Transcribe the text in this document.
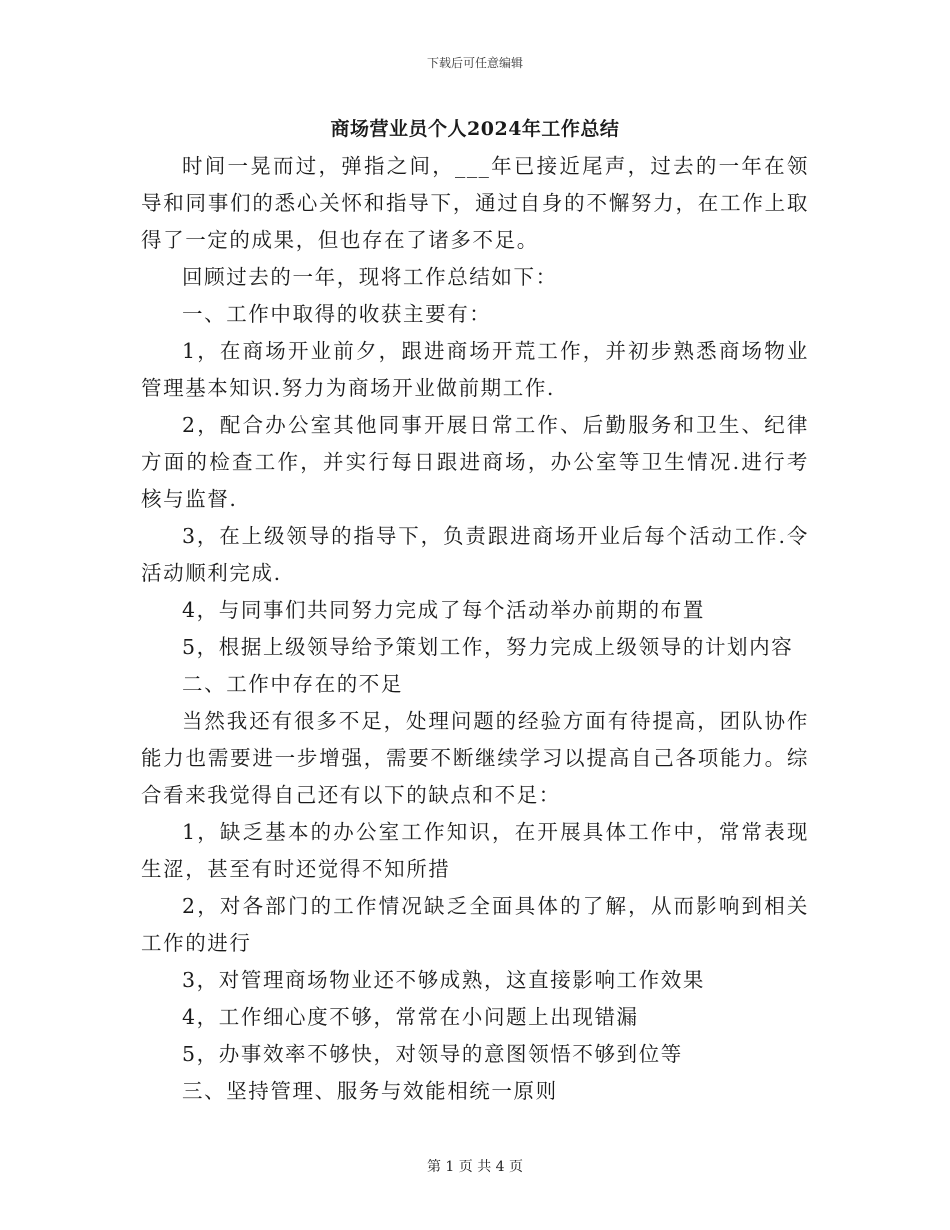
下载后可任意编辑
商场营业员个人2024年工作总结

时间一晃而过，弹指之间，___年已接近尾声，过去的一年在领导和同事们的悉心关怀和指导下，通过自身的不懈努力，在工作上取得了一定的成果，但也存在了诸多不足。

回顾过去的一年，现将工作总结如下：

一、工作中取得的收获主要有：

1，在商场开业前夕，跟进商场开荒工作，并初步熟悉商场物业管理基本知识.努力为商场开业做前期工作.

2，配合办公室其他同事开展日常工作、后勤服务和卫生、纪律方面的检查工作，并实行每日跟进商场，办公室等卫生情况.进行考核与监督.

3，在上级领导的指导下，负责跟进商场开业后每个活动工作.令活动顺利完成.

4，与同事们共同努力完成了每个活动举办前期的布置

5，根据上级领导给予策划工作，努力完成上级领导的计划内容

二、工作中存在的不足

当然我还有很多不足，处理问题的经验方面有待提高，团队协作能力也需要进一步增强，需要不断继续学习以提高自己各项能力。综合看来我觉得自己还有以下的缺点和不足：

1，缺乏基本的办公室工作知识，在开展具体工作中，常常表现生涩，甚至有时还觉得不知所措

2，对各部门的工作情况缺乏全面具体的了解，从而影响到相关工作的进行

3，对管理商场物业还不够成熟，这直接影响工作效果

4，工作细心度不够，常常在小问题上出现错漏

5，办事效率不够快，对领导的意图领悟不够到位等

三、坚持管理、服务与效能相统一原则

第 1 页 共 4 页
